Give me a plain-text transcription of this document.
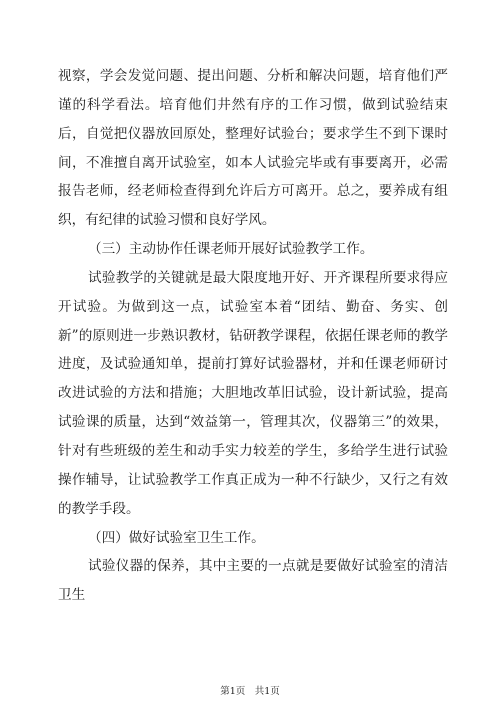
视察，学会发觉问题、提出问题、分析和解决问题，培育他们严谨的科学看法。培育他们井然有序的工作习惯，做到试验结束后，自觉把仪器放回原处，整理好试验台；要求学生不到下课时间，不准擅自离开试验室，如本人试验完毕或有事要离开，必需报告老师，经老师检查得到允许后方可离开。总之，要养成有组织，有纪律的试验习惯和良好学风。

（三）主动协作任课老师开展好试验教学工作。

试验教学的关键就是最大限度地开好、开齐课程所要求得应开试验。为做到这一点，试验室本着“团结、勤奋、务实、创新”的原则进一步熟识教材，钻研教学课程，依据任课老师的教学进度，及试验通知单，提前打算好试验器材，并和任课老师研讨改进试验的方法和措施；大胆地改革旧试验，设计新试验，提高试验课的质量，达到“效益第一，管理其次，仪器第三”的效果，针对有些班级的差生和动手实力较差的学生，多给学生进行试验操作辅导，让试验教学工作真正成为一种不行缺少，又行之有效的教学手段。

（四）做好试验室卫生工作。

试验仪器的保养，其中主要的一点就是要做好试验室的清洁卫生

第1页　共1页
